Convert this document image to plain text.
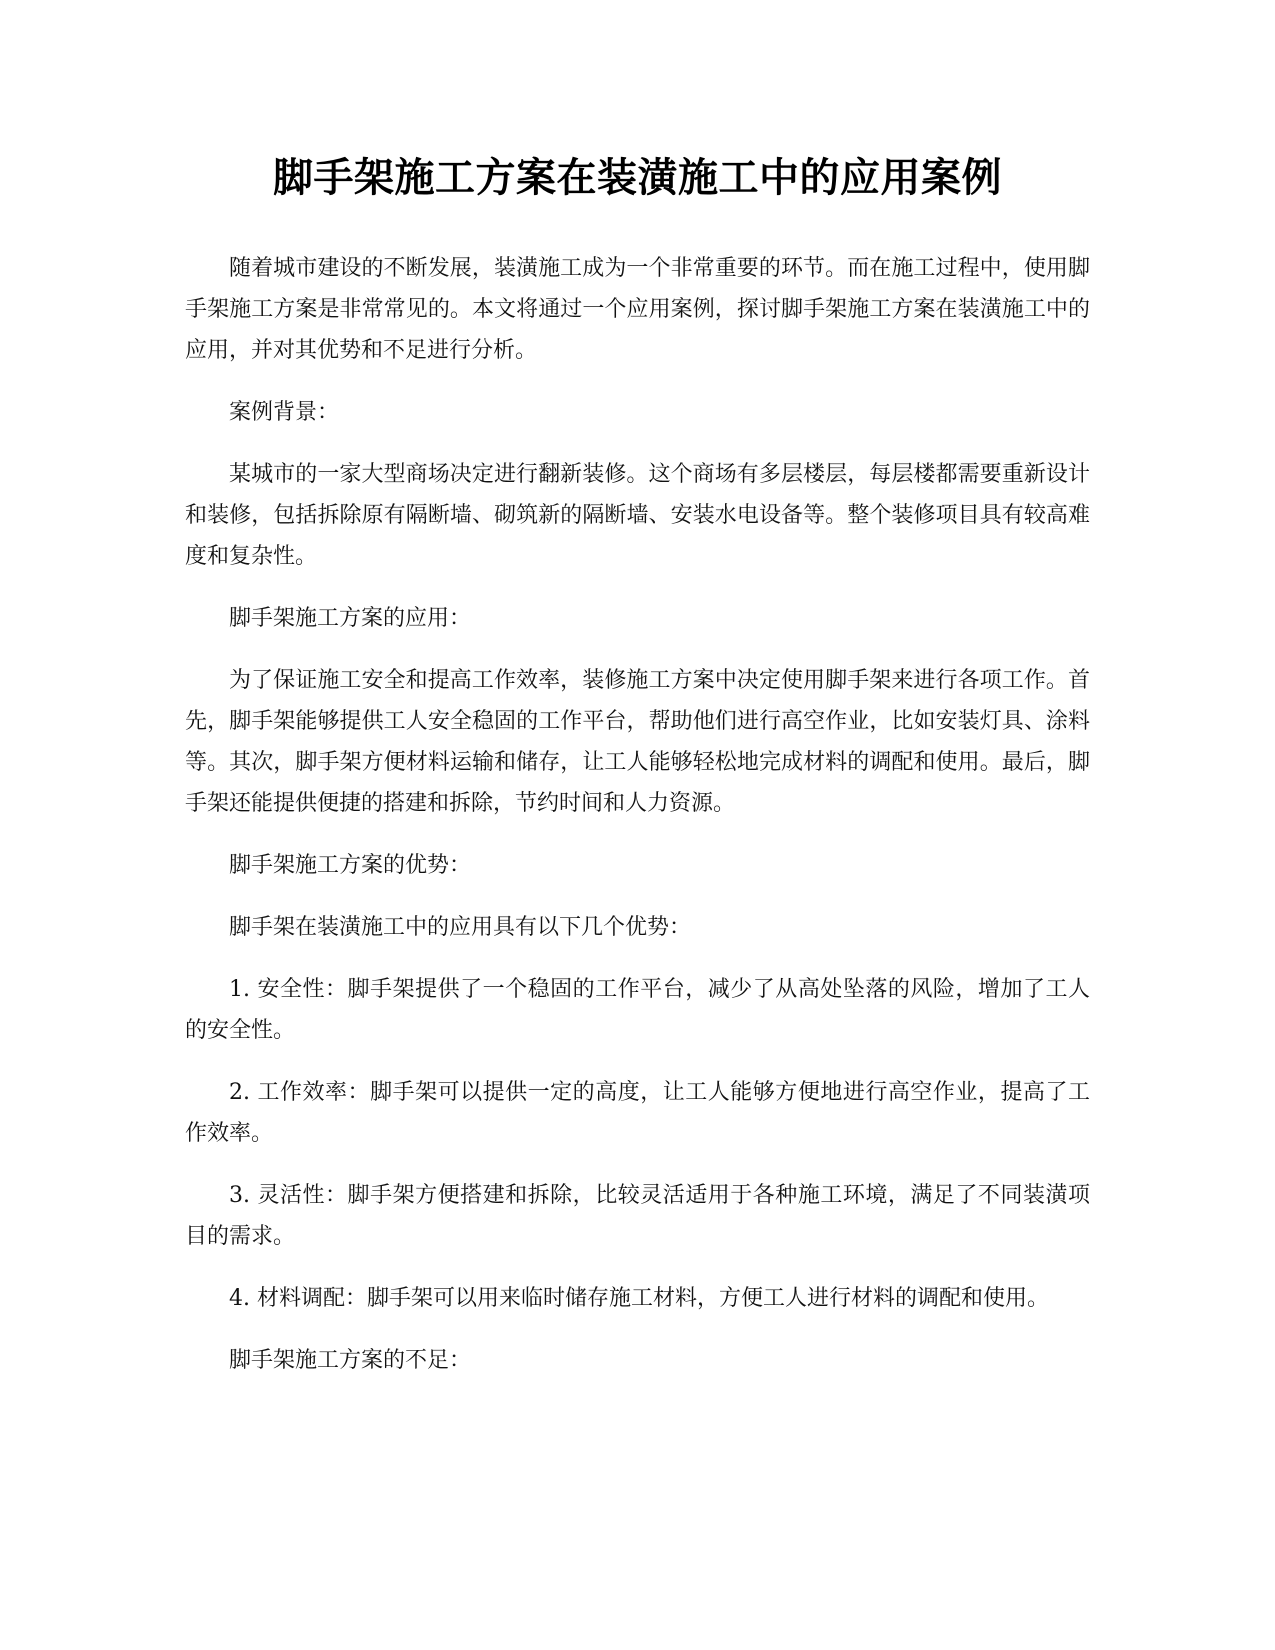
脚手架施工方案在装潢施工中的应用案例

随着城市建设的不断发展，装潢施工成为一个非常重要的环节。而在施工过程中，使用脚手架施工方案是非常常见的。本文将通过一个应用案例，探讨脚手架施工方案在装潢施工中的应用，并对其优势和不足进行分析。

案例背景：

某城市的一家大型商场决定进行翻新装修。这个商场有多层楼层，每层楼都需要重新设计和装修，包括拆除原有隔断墙、砌筑新的隔断墙、安装水电设备等。整个装修项目具有较高难度和复杂性。

脚手架施工方案的应用：

为了保证施工安全和提高工作效率，装修施工方案中决定使用脚手架来进行各项工作。首先，脚手架能够提供工人安全稳固的工作平台，帮助他们进行高空作业，比如安装灯具、涂料等。其次，脚手架方便材料运输和储存，让工人能够轻松地完成材料的调配和使用。最后，脚手架还能提供便捷的搭建和拆除，节约时间和人力资源。

脚手架施工方案的优势：

脚手架在装潢施工中的应用具有以下几个优势：

1. 安全性：脚手架提供了一个稳固的工作平台，减少了从高处坠落的风险，增加了工人的安全性。

2. 工作效率：脚手架可以提供一定的高度，让工人能够方便地进行高空作业，提高了工作效率。

3. 灵活性：脚手架方便搭建和拆除，比较灵活适用于各种施工环境，满足了不同装潢项目的需求。

4. 材料调配：脚手架可以用来临时储存施工材料，方便工人进行材料的调配和使用。

脚手架施工方案的不足：
